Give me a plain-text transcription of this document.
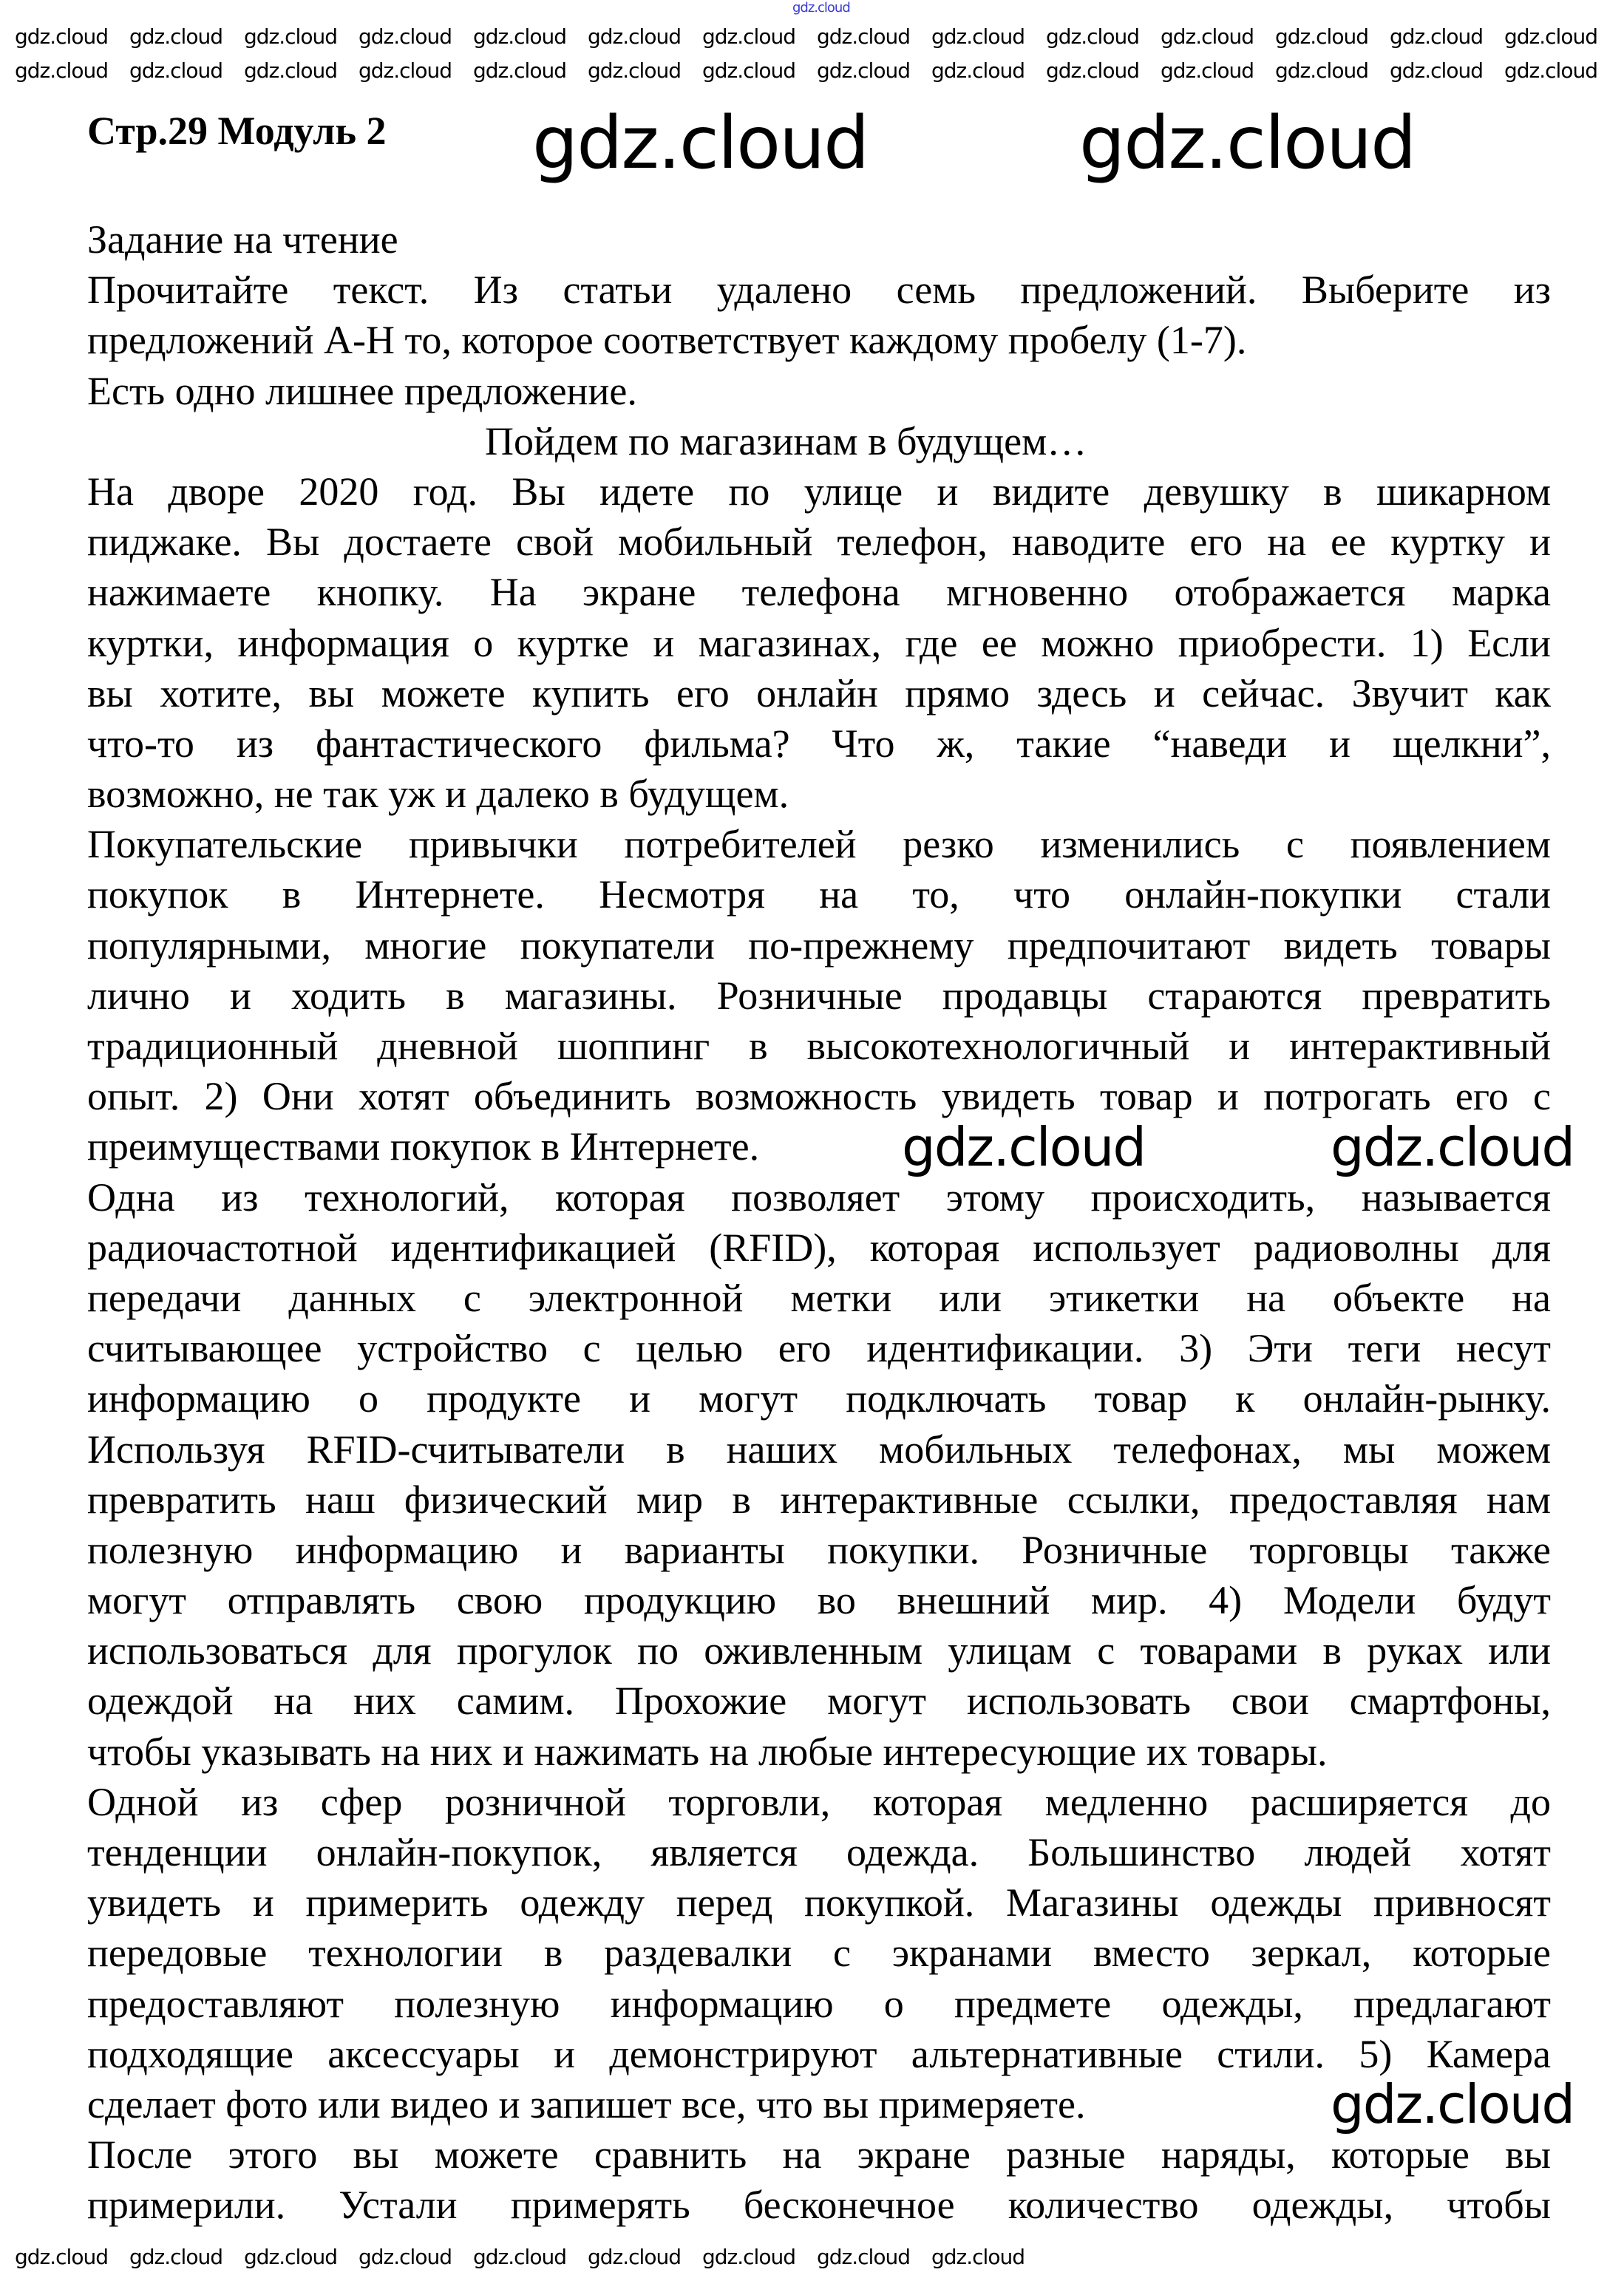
Стр.29 Модуль 2
Задание на чтение
Прочитайте текст. Из статьи удалено семь предложений. Выберите из
предложений А-Н то, которое соответствует каждому пробелу (1-7).
Есть одно лишнее предложение.
Пойдем по магазинам в будущем…
На дворе 2020 год. Вы идете по улице и видите девушку в шикарном
пиджаке. Вы достаете свой мобильный телефон, наводите его на ее куртку и
нажимаете кнопку. На экране телефона мгновенно отображается марка
куртки, информация о куртке и магазинах, где ее можно приобрести. 1) Если
вы хотите, вы можете купить его онлайн прямо здесь и сейчас. Звучит как
что-то из фантастического фильма? Что ж, такие “наведи и щелкни”,
возможно, не так уж и далеко в будущем.
Покупательские привычки потребителей резко изменились с появлением
покупок в Интернете. Несмотря на то, что онлайн-покупки стали
популярными, многие покупатели по-прежнему предпочитают видеть товары
лично и ходить в магазины. Розничные продавцы стараются превратить
традиционный дневной шоппинг в высокотехнологичный и интерактивный
опыт. 2) Они хотят объединить возможность увидеть товар и потрогать его с
преимуществами покупок в Интернете.
Одна из технологий, которая позволяет этому происходить, называется
радиочастотной идентификацией (RFID), которая использует радиоволны для
передачи данных с электронной метки или этикетки на объекте на
считывающее устройство с целью его идентификации. 3) Эти теги несут
информацию о продукте и могут подключать товар к онлайн-рынку.
Используя RFID-считыватели в наших мобильных телефонах, мы можем
превратить наш физический мир в интерактивные ссылки, предоставляя нам
полезную информацию и варианты покупки. Розничные торговцы также
могут отправлять свою продукцию во внешний мир. 4) Модели будут
использоваться для прогулок по оживленным улицам с товарами в руках или
одеждой на них самим. Прохожие могут использовать свои смартфоны,
чтобы указывать на них и нажимать на любые интересующие их товары.
Одной из сфер розничной торговли, которая медленно расширяется до
тенденции онлайн-покупок, является одежда. Большинство людей хотят
увидеть и примерить одежду перед покупкой. Магазины одежды привносят
передовые технологии в раздевалки с экранами вместо зеркал, которые
предоставляют полезную информацию о предмете одежды, предлагают
подходящие аксессуары и демонстрируют альтернативные стили. 5) Камера
сделает фото или видео и запишет все, что вы примеряете.
После этого вы можете сравнить на экране разные наряды, которые вы
примерили. Устали примерять бесконечное количество одежды, чтобы
gdz.cloud
gdz.cloud	gdz.cloud
gdz.cloud	gdz.cloud
gdz.cloud
gdz.cloud gdz.cloud gdz.cloud gdz.cloud gdz.cloud gdz.cloud gdz.cloud gdz.cloud gdz.cloud gdz.cloud gdz.cloud gdz.cloud gdz.cloud gdz.cloud
gdz.cloud gdz.cloud gdz.cloud gdz.cloud gdz.cloud gdz.cloud gdz.cloud gdz.cloud gdz.cloud gdz.cloud gdz.cloud gdz.cloud gdz.cloud gdz.cloud
gdz.cloud gdz.cloud gdz.cloud gdz.cloud gdz.cloud gdz.cloud gdz.cloud gdz.cloud gdz.cloud
